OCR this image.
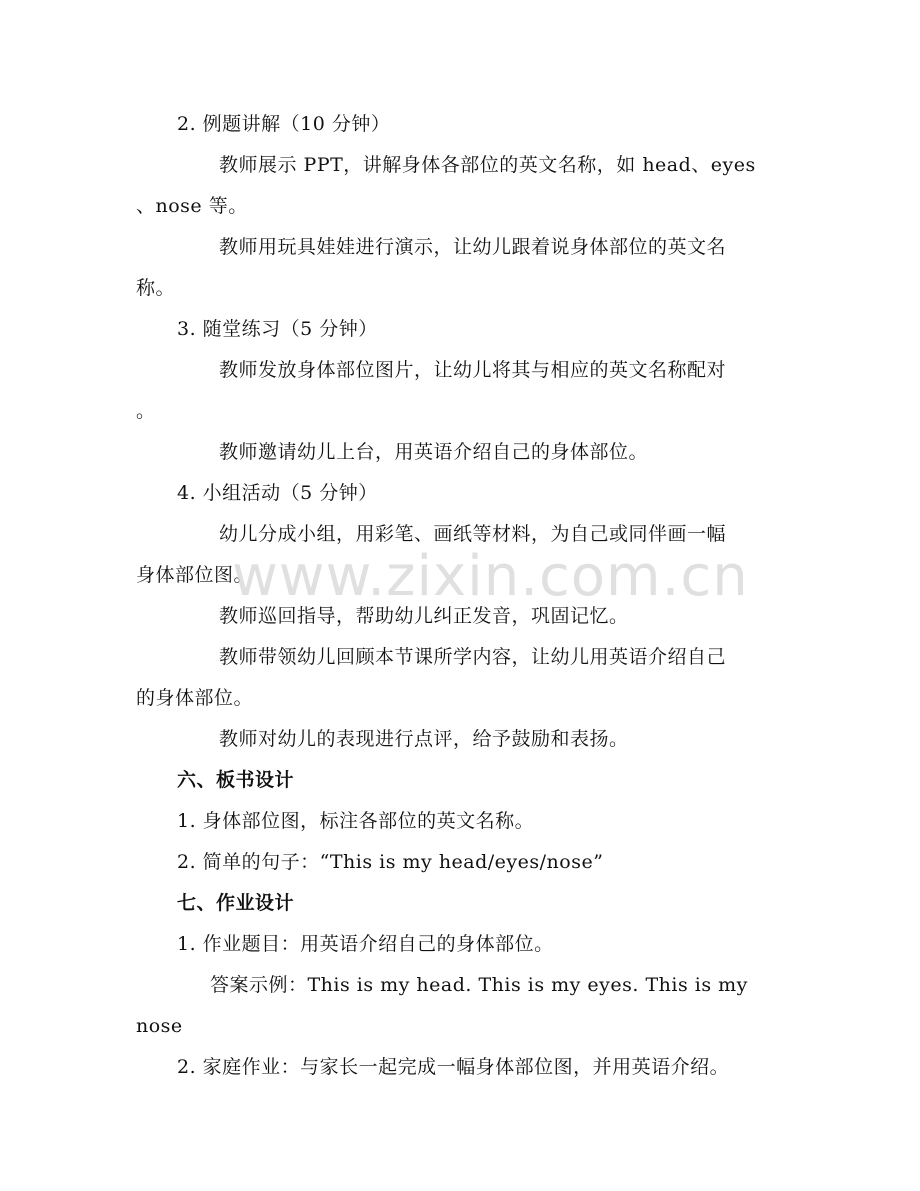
2. 例题讲解（10 分钟）
教师展示 PPT，讲解身体各部位的英文名称，如 head、eyes
、nose 等。
教师用玩具娃娃进行演示，让幼儿跟着说身体部位的英文名
称。
3. 随堂练习（5 分钟）
教师发放身体部位图片，让幼儿将其与相应的英文名称配对
。
教师邀请幼儿上台，用英语介绍自己的身体部位。
4. 小组活动（5 分钟）
幼儿分成小组，用彩笔、画纸等材料，为自己或同伴画一幅
身体部位图。
教师巡回指导，帮助幼儿纠正发音，巩固记忆。
教师带领幼儿回顾本节课所学内容，让幼儿用英语介绍自己
的身体部位。
教师对幼儿的表现进行点评，给予鼓励和表扬。
六、板书设计
1. 身体部位图，标注各部位的英文名称。
2. 简单的句子：“This is my head/eyes/nose”
七、作业设计
1. 作业题目：用英语介绍自己的身体部位。
答案示例：This is my head. This is my eyes. This is my
nose
2. 家庭作业：与家长一起完成一幅身体部位图，并用英语介绍。
www.zixin.com.cn
